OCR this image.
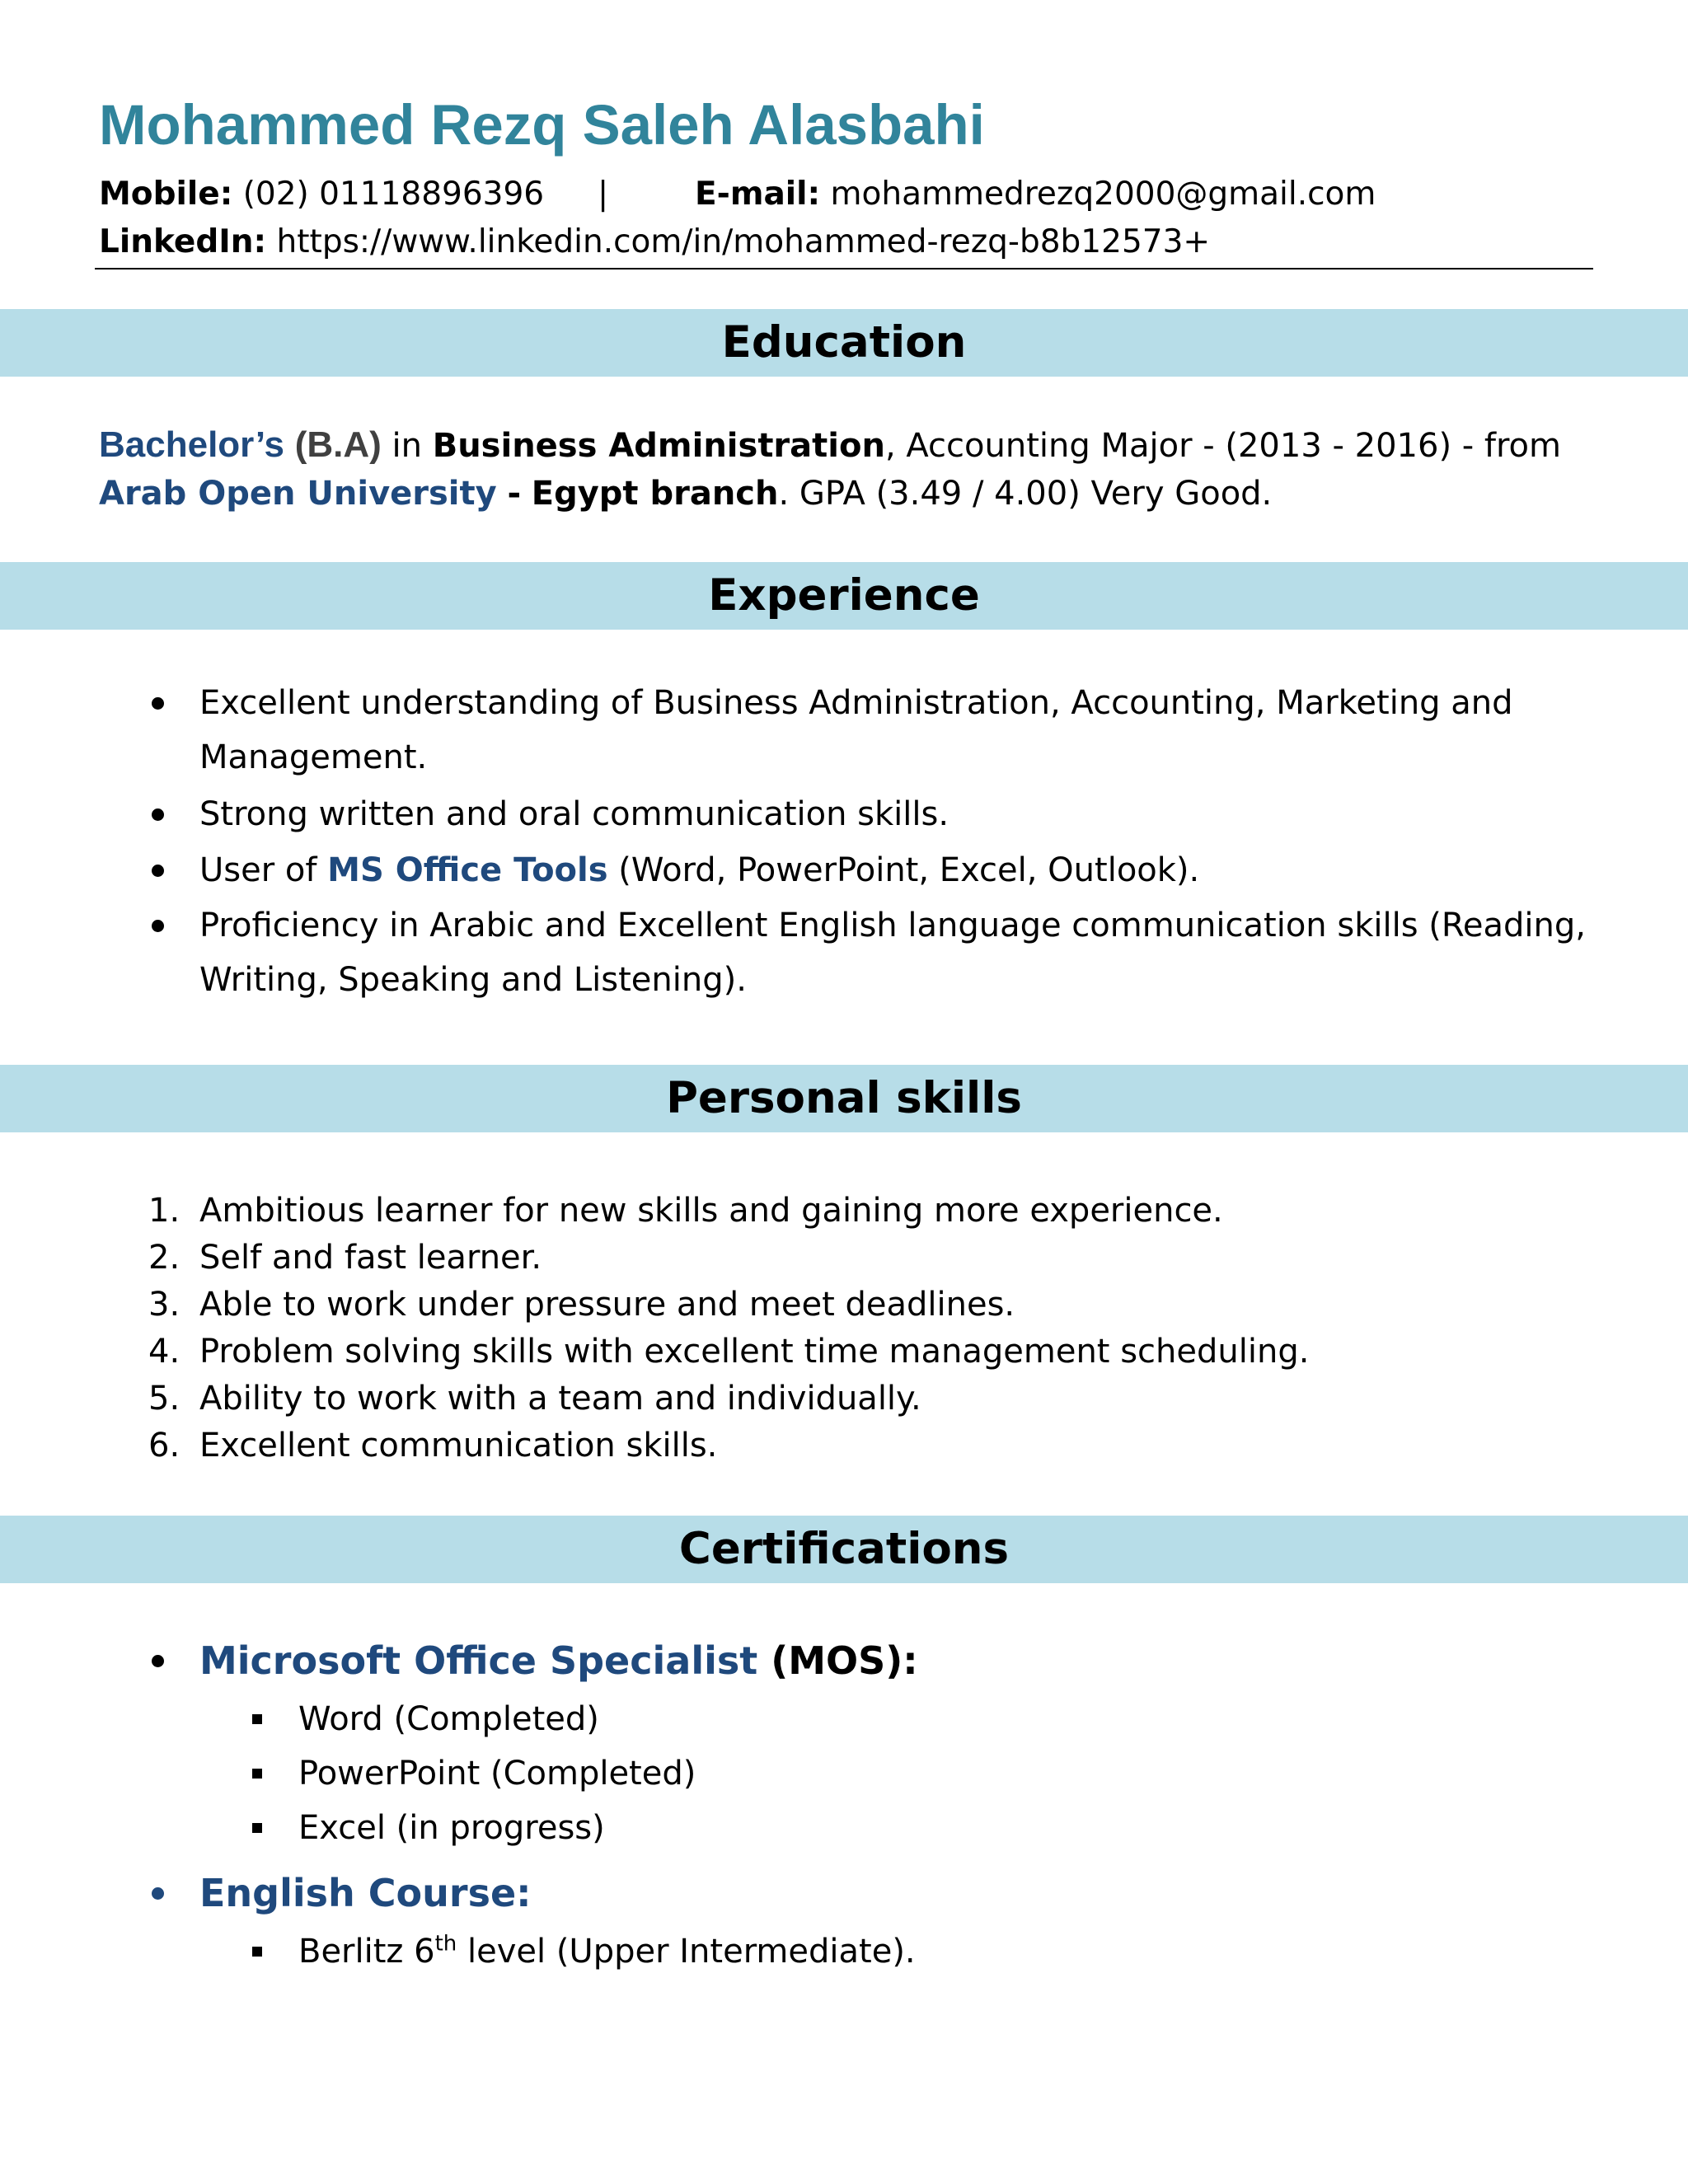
Mohammed Rezq Saleh Alasbahi
Mobile: (02) 01118896396 |	E-mail: mohammedrezq2000@gmail.com
LinkedIn: https://www.linkedin.com/in/mohammed-rezq-b8b12573+
Education
Bachelor’s (B.A) in Business Administration, Accounting Major - (2013 - 2016) - from Arab Open University - Egypt branch. GPA (3.49 / 4.00) Very Good.
Experience
Excellent understanding of Business Administration, Accounting, Marketing and
Management.
Strong written and oral communication skills.
User of MS Office Tools (Word, PowerPoint, Excel, Outlook).
Proficiency in Arabic and Excellent English language communication skills (Reading,
Writing, Speaking and Listening).
Personal skills
1. Ambitious learner for new skills and gaining more experience.
2. Self and fast learner.
3. Able to work under pressure and meet deadlines.
4. Problem solving skills with excellent time management scheduling.
5. Ability to work with a team and individually.
6. Excellent communication skills.
Certifications
Microsoft Office Specialist (MOS):
Word (Completed)
PowerPoint (Completed)
Excel (in progress)
English Course:
Berlitz 6th level (Upper Intermediate).
